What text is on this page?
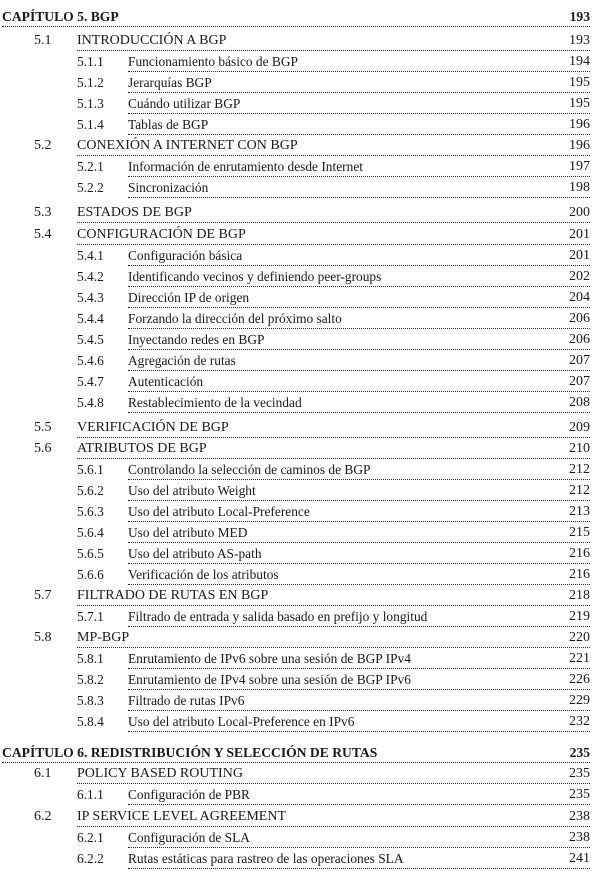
CAPÍTULO 5. BGP	193
5.1 INTRODUCCIÓN A BGP	193
5.1.1 Funcionamiento básico de BGP	194
5.1.2 Jerarquías BGP	195
5.1.3 Cuándo utilizar BGP	195
5.1.4 Tablas de BGP	196
5.2 CONEXIÓN A INTERNET CON BGP	196
5.2.1 Información de enrutamiento desde Internet	197
5.2.2 Sincronización	198
5.3 ESTADOS DE BGP	200
5.4 CONFIGURACIÓN DE BGP	201
5.4.1 Configuración básica	201
5.4.2 Identificando vecinos y definiendo peer-groups	202
5.4.3 Dirección IP de origen	204
5.4.4 Forzando la dirección del próximo salto	206
5.4.5 Inyectando redes en BGP	206
5.4.6 Agregación de rutas	207
5.4.7 Autenticación	207
5.4.8 Restablecimiento de la vecindad	208
5.5 VERIFICACIÓN DE BGP	209
5.6 ATRIBUTOS DE BGP	210
5.6.1 Controlando la selección de caminos de BGP	212
5.6.2 Uso del atributo Weight	212
5.6.3 Uso del atributo Local-Preference	213
5.6.4 Uso del atributo MED	215
5.6.5 Uso del atributo AS-path	216
5.6.6 Verificación de los atributos	216
5.7 FILTRADO DE RUTAS EN BGP	218
5.7.1 Filtrado de entrada y salida basado en prefijo y longitud	219
5.8 MP-BGP	220
5.8.1 Enrutamiento de IPv6 sobre una sesión de BGP IPv4	221
5.8.2 Enrutamiento de IPv4 sobre una sesión de BGP IPv6	226
5.8.3 Filtrado de rutas IPv6	229
5.8.4 Uso del atributo Local-Preference en IPv6	232
CAPÍTULO 6. REDISTRIBUCIÓN Y SELECCIÓN DE RUTAS	235
6.1 POLICY BASED ROUTING	235
6.1.1 Configuración de PBR	235
6.2 IP SERVICE LEVEL AGREEMENT	238
6.2.1 Configuración de SLA	238
6.2.2 Rutas estáticas para rastreo de las operaciones SLA	241
